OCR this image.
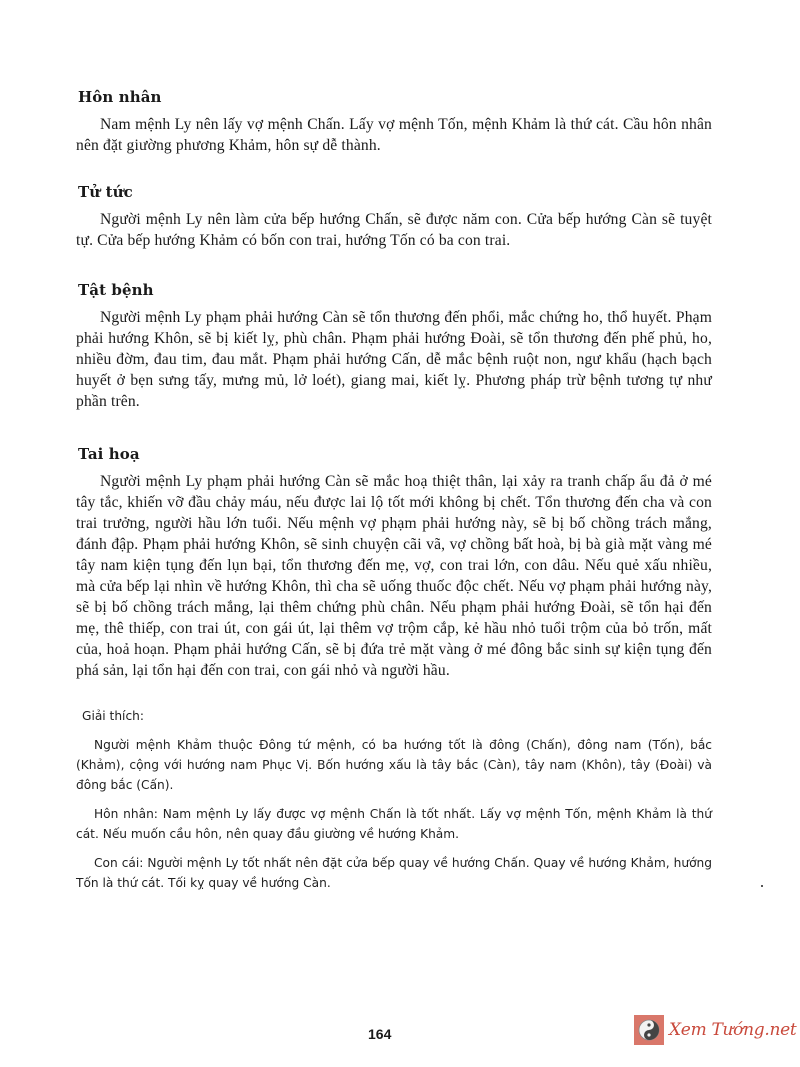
Hôn nhân

Nam mệnh Ly nên lấy vợ mệnh Chấn. Lấy vợ mệnh Tốn, mệnh Khảm là thứ cát. Cầu hôn nhân nên đặt giường phương Khảm, hôn sự dễ thành.

Tử tức

Người mệnh Ly nên làm cửa bếp hướng Chấn, sẽ được năm con. Cửa bếp hướng Càn sẽ tuyệt tự. Cửa bếp hướng Khảm có bốn con trai, hướng Tốn có ba con trai.

Tật bệnh

Người mệnh Ly phạm phải hướng Càn sẽ tổn thương đến phổi, mắc chứng ho, thổ huyết. Phạm phải hướng Khôn, sẽ bị kiết lỵ, phù chân. Phạm phải hướng Đoài, sẽ tổn thương đến phế phủ, ho, nhiều đờm, đau tim, đau mắt. Phạm phải hướng Cấn, dễ mắc bệnh ruột non, ngư khẩu (hạch bạch huyết ở bẹn sưng tấy, mưng mủ, lở loét), giang mai, kiết lỵ. Phương pháp trừ bệnh tương tự như phần trên.

Tai hoạ

Người mệnh Ly phạm phải hướng Càn sẽ mắc hoạ thiệt thân, lại xảy ra tranh chấp ẩu đả ở mé tây tắc, khiến vỡ đầu chảy máu, nếu được lai lộ tốt mới không bị chết. Tổn thương đến cha và con trai trưởng, người hầu lớn tuổi. Nếu mệnh vợ phạm phải hướng này, sẽ bị bố chồng trách mắng, đánh đập. Phạm phải hướng Khôn, sẽ sinh chuyện cãi vã, vợ chồng bất hoà, bị bà già mặt vàng mé tây nam kiện tụng đến lụn bại, tổn thương đến mẹ, vợ, con trai lớn, con dâu. Nếu quẻ xấu nhiều, mà cửa bếp lại nhìn về hướng Khôn, thì cha sẽ uống thuốc độc chết. Nếu vợ phạm phải hướng này, sẽ bị bố chồng trách mắng, lại thêm chứng phù chân. Nếu phạm phải hướng Đoài, sẽ tổn hại đến mẹ, thê thiếp, con trai út, con gái út, lại thêm vợ trộm cắp, kẻ hầu nhỏ tuổi trộm của bỏ trốn, mất của, hoả hoạn. Phạm phải hướng Cấn, sẽ bị đứa trẻ mặt vàng ở mé đông bắc sinh sự kiện tụng đến phá sản, lại tổn hại đến con trai, con gái nhỏ và người hầu.

Giải thích:

Người mệnh Khảm thuộc Đông tứ mệnh, có ba hướng tốt là đông (Chấn), đông nam (Tốn), bắc (Khảm), cộng với hướng nam Phục Vị. Bốn hướng xấu là tây bắc (Càn), tây nam (Khôn), tây (Đoài) và đông bắc (Cấn).

Hôn nhân: Nam mệnh Ly lấy được vợ mệnh Chấn là tốt nhất. Lấy vợ mệnh Tốn, mệnh Khảm là thứ cát. Nếu muốn cầu hôn, nên quay đầu giường về hướng Khảm.

Con cái: Người mệnh Ly tốt nhất nên đặt cửa bếp quay về hướng Chấn. Quay về hướng Khảm, hướng Tốn là thứ cát. Tối kỵ quay về hướng Càn.

164	Xem Tướng.net
